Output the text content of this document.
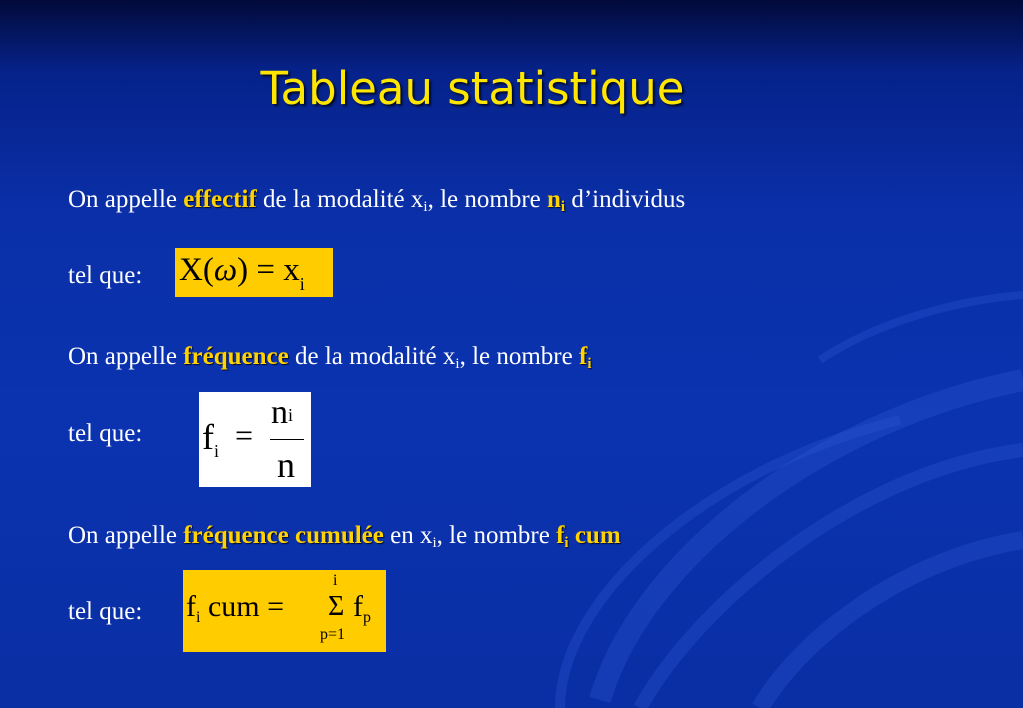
Tableau statistique
On appelle effectif de la modalité $x_i$, le nombre $n_i$ d’individus
tel que: $X(\omega) = x_i$
On appelle fréquence de la modalité $x_i$, le nombre $f_i$
tel que: $f_i$ =
$n_i$
n
On appelle fréquence cumulée en $x_i$, le nombre $f_i$ cum
tel que: $f_i$ cum =
i
Σ
p=1
$f_p$
